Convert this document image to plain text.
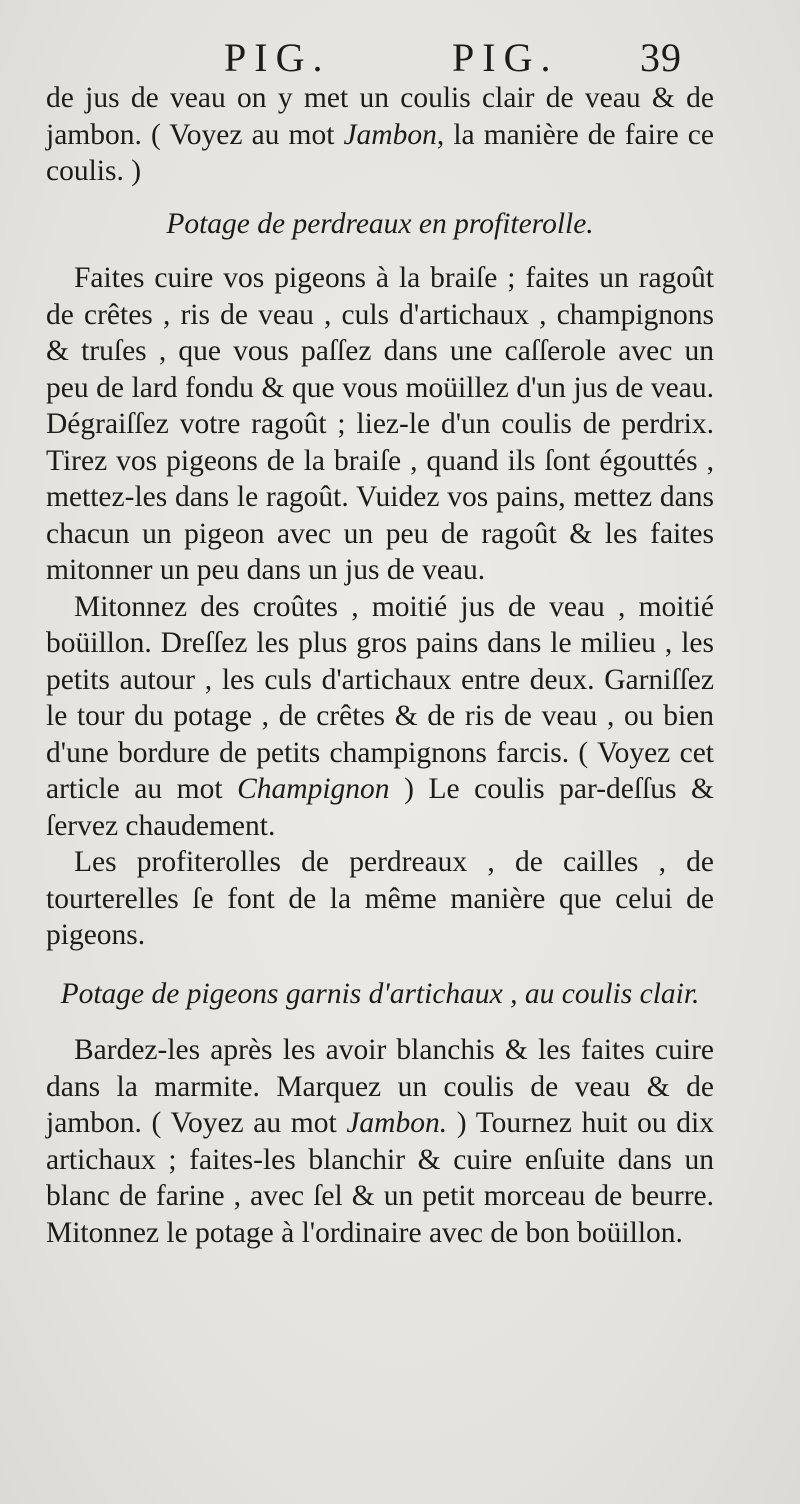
PIG.	PIG. 39

de jus de veau on y met un coulis clair de veau & de jambon. ( Voyez au mot Jambon, la manière de faire ce coulis. )

Potage de perdreaux en profiterolle.

Faites cuire vos pigeons à la braiſe ; faites un ragoût de crêtes , ris de veau , culs d'artichaux , champignons & truſes , que vous paſſez dans une caſſerole avec un peu de lard fondu & que vous moüillez d'un jus de veau. Dégraiſſez votre ragoût ; liez-le d'un coulis de perdrix. Tirez vos pigeons de la braiſe , quand ils ſont égouttés , mettez-les dans le ragoût. Vuidez vos pains, mettez dans chacun un pigeon avec un peu de ragoût & les faites mitonner un peu dans un jus de veau.

Mitonnez des croûtes , moitié jus de veau , moitié boüillon. Dreſſez les plus gros pains dans le milieu , les petits autour , les culs d'artichaux entre deux. Garniſſez le tour du potage , de crêtes & de ris de veau , ou bien d'une bordure de petits champignons farcis. ( Voyez cet article au mot Champignon ) Le coulis par-deſſus & ſervez chaudement.

Les profiterolles de perdreaux , de cailles , de tourterelles ſe font de la même manière que celui de pigeons.

Potage de pigeons garnis d'artichaux , au coulis clair.

Bardez-les après les avoir blanchis & les faites cuire dans la marmite. Marquez un coulis de veau & de jambon. ( Voyez au mot Jambon. ) Tournez huit ou dix artichaux ; faites-les blanchir & cuire enſuite dans un blanc de farine , avec ſel & un petit morceau de beurre. Mitonnez le potage à l'ordinaire avec de bon boüillon.
